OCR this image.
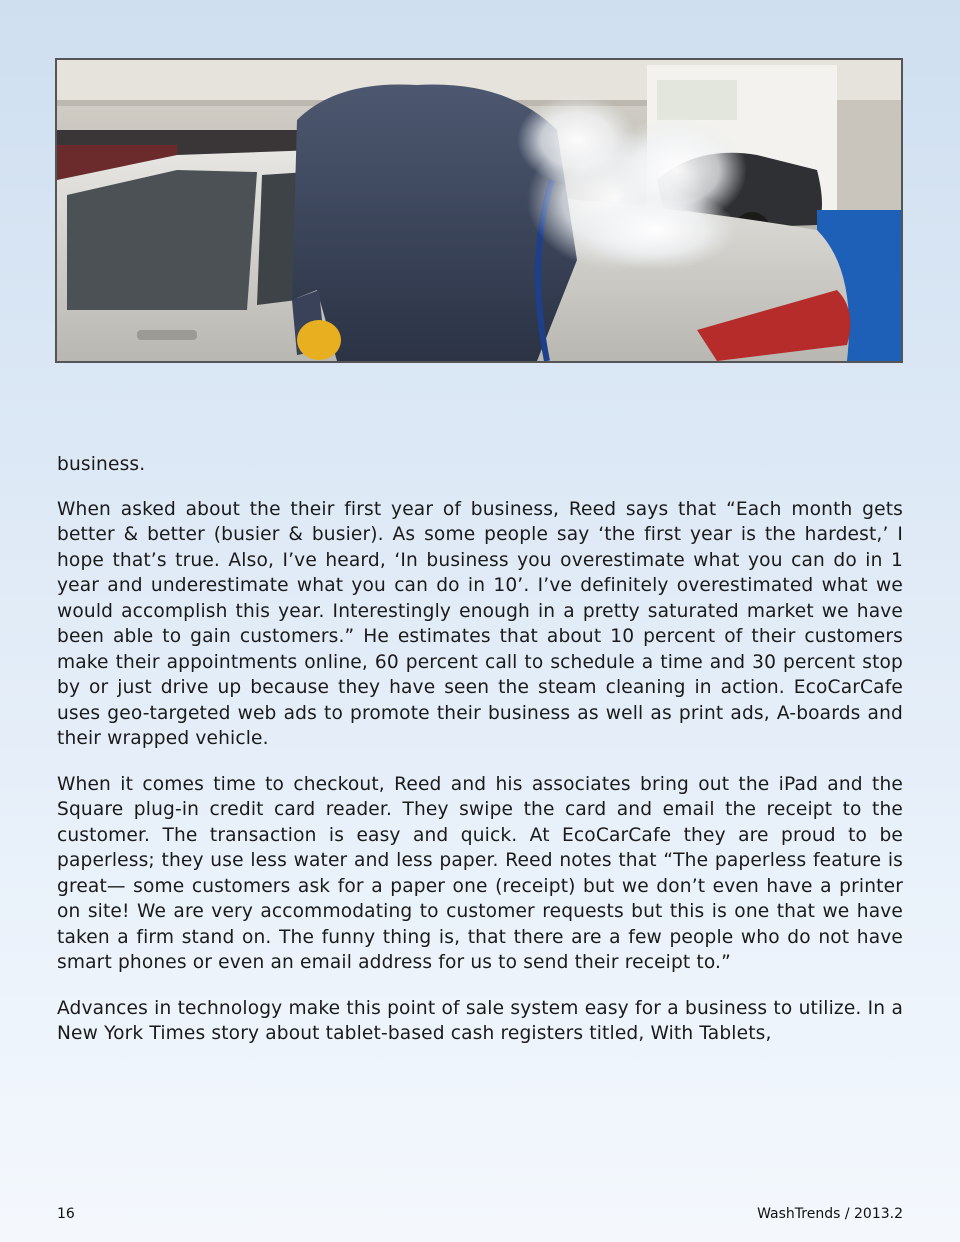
business.

When asked about the their first year of business, Reed says that “Each month gets better & better (busier & busier). As some people say ‘the first year is the hardest,’ I hope that’s true. Also, I’ve heard, ‘In business you overestimate what you can do in 1 year and underestimate what you can do in 10’. I’ve definitely overestimated what we would accomplish this year. Interestingly enough in a pretty saturated market we have been able to gain customers.” He estimates that about 10 percent of their customers make their appointments online, 60 percent call to schedule a time and 30 percent stop by or just drive up because they have seen the steam cleaning in action. EcoCarCafe uses geo-targeted web ads to promote their business as well as print ads, A-boards and their wrapped vehicle.

When it comes time to checkout, Reed and his associates bring out the iPad and the Square plug-in credit card reader. They swipe the card and email the receipt to the customer. The transaction is easy and quick. At EcoCarCafe they are proud to be paperless; they use less water and less paper. Reed notes that “The paperless feature is great— some customers ask for a paper one (receipt) but we don’t even have a printer on site! We are very accommodating to customer requests but this is one that we have taken a firm stand on. The funny thing is, that there are a few people who do not have smart phones or even an email address for us to send their receipt to.”

Advances in technology make this point of sale system easy for a business to utilize. In a New York Times story about tablet-based cash registers titled, With Tablets,

16	WashTrends / 2013.2
